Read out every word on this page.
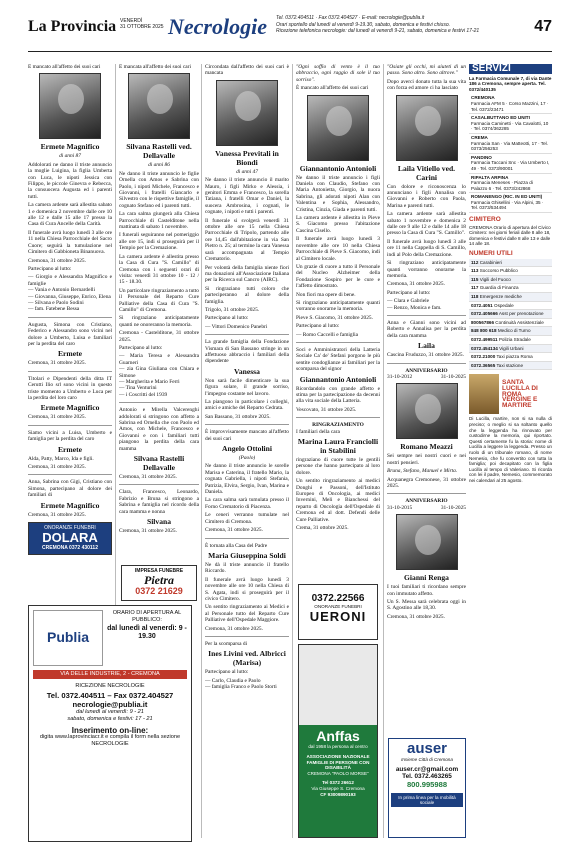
La Provincia VENERDÌ
31 OTTOBRE 2025 Necrologie Tel. 0372.404511 · Fax 0372.404527 · E-mail: necrologie@publia.it
Orari sportello dal lunedì al venerdì 9-19.30, sabato, domenica e festivi chiuso.
Ricezione telefonica necrologie: dal lunedì al venerdì 9-21, sabato, domenica e festivi 17-21	47

È mancato all'affetto dei suoi cari

Ermete Magnifico
di anni 87

Addolorati ne danno il triste annuncio la moglie Luigina, la figlia Umberta con Luca, le nipoti Jessica con Filippo, le piccole Ginevra e Rebecca, la consuocera Augusta ed i parenti tutti.

La camera ardente sarà allestita sabato 1 e domenica 2 novembre dalle ore 10 alle 12 e dalle 15 alle 17 presso la Casa di Cura Ancelle della Carità.

Il funerale avrà luogo lunedì 3 alle ore 11 nella Chiesa Parrocchiale del Sacro Cuore; seguirà la tumulazione nel Cimitero di Gabbioneta Binanuova.

Cremona, 31 ottobre 2025.

Partecipano al lutto:

— Giorgio e Alessandra Magnifico e famiglie

— Vania e Antonio Bernardelli

— Giovanna, Giuseppe, Enrico, Elena

— Silvana e Paolo Sodini

— fam. Fatebene Bessa

Augusta, Simona con Cristiano, Federico e Alessandro sono vicini nel dolore a Umberto, Luisa e familiari per la perdita del caro

Ermete

Cremona, 31 ottobre 2025.

Titolari e Dipendenti della ditta IT Cerutti Ilio srl sono vicini in questo triste momento a Umberto e Luca per la perdita del loro caro

Ermete Magnifico

Cremona, 31 ottobre 2025.

Siamo vicini a Luisa, Umberto e famiglia per la perdita del caro

Ermete

Alda, Patty, Marco, Ida e figli.

Cremona, 31 ottobre 2025.

Anna, Sabrina con Gigi, Cristiano con Simona, partecipano al dolore dei familiari di

Ermete Magnifico

Cremona, 31 ottobre 2025.

ONORANZE FUNEBRI
DOLARA
CREMONA 0372 430112
Publia
ORARIO DI APERTURA AL PUBBLICO:
dal lunedì al venerdì: 9 - 19.30
VIA DELLE INDUSTRIE, 2 - CREMONA
RICEZIONE NECROLOGIE
Tel. 0372.404511 – Fax 0372.404527
necrologie@publia.it
dal lunedì al venerdì: 9 - 21
sabato, domenica e festivi: 17 - 21
Inserimento on-line:
digita www.laprovinciacr.it e compila il form nella sezione NECROLOGIE

È mancata all'affetto dei suoi cari

Silvana Rastelli ved. Dellavalle
di anni 86

Ne danno il triste annuncio le figlie Ornella con Amos e Sabrina con Paolo, i nipoti Michele, Francesco e Giovanni, i fratelli Giancarlo e Silvestro con le rispettive famiglie, il cognato Stefano ed i parenti tutti.

La cara salma giungerà alla Chiesa Parrocchiale di Castelditone nella mattinata di sabato 1 novembre.

I funerali seguiranno nel pomeriggio alle ore 15, indi si proseguirà per il Tempio per la Cremazione.

La camera ardente è allestita presso la Casa di Cura "S. Camillo" di Cremona con i seguenti orari di visita: venerdì 31 ottobre 10 - 12 / 15 - 18.30.

Un particolare ringraziamento a tutto il Personale del Reparto Cure Palliative della Casa di Cura "S. Camillo" di Cremona.

Si ringraziano anticipatamente quanti ne onoreranno la memoria.

Cremona - Castelditone, 31 ottobre 2025.

Partecipano al lutto:

— Maria Teresa e Alessandra Guarneri

— zia Gina Giuliana con Chiara e Simone

— Margherita e Mario Ferri

— Tina Venturini

— i Coscritti del 1939

Antonio e Mirella Valcerenghi addolorati si stringono con affetto a Sabrina ed Ornella che con Paolo ed Amos, con Michele, Francesco e Giovanni e con i familiari tutti piangono la perdita della cara mamma

Silvana Rastelli Dellavalle

Cremona, 31 ottobre 2025.

Clara, Francesco, Leonardo, Fabrizio e Bruna si stringono a Sabrina e famiglia nel ricordo della cara mamma e nonna

Silvana

Cremona, 31 ottobre 2025.

IMPRESA FUNEBRE
Pietra
0372 21629

Circondata dall'affetto dei suoi cari è mancata

Vanessa Previtali in Biondi
di anni 47

Ne danno il triste annuncio il marito Mauro, i figli Mirko e Alessia, i genitori Emma e Francesco, la sorella Tatiana, i fratelli Omar e Daniel, la suocera Ambrosina, i cognati, le cognate, i nipoti e tutti i parenti.

Il funerale si svolgerà venerdì 31 ottobre alle ore 15 nella Chiesa Parrocchiale di Tripolo, partendo alle ore 14,45 dall'abitazione in via San Pietro n. 25; al termine la cara Vanessa sarà accompagnata al Tempio Crematorio.

Per volontà della famiglia niente fiori ma donazioni all'Associazione Italiana per la Ricerca sul Cancro (AIRC).

Si ringraziano tutti coloro che parteciperanno al dolore della famiglia.

Trigolo, 31 ottobre 2025.

Partecipano al lutto:

— Vittori Domenico Panebri

La grande famiglia della Fondazione Vismara di San Bassano stringe in un affettuoso abbraccio i familiari della dipendente

Vanessa

Non sarà facile dimenticare la sua figura solare, il grande sorriso, l'impegno costante nel lavoro.

La piangono in particolare i colleghi, amici e amiche del Reparto Cedrata.

San Bassano, 31 ottobre 2025.

È improvvisamente mancato all'affetto dei suoi cari

Angelo Ottolini
(Paolo)

Ne danno il triste annuncio le sorelle Marisa e Caterina, il fratello Mario, la cognata Gabriella, i nipoti Stefania, Patrizia, Elvira, Sergio, Ivan, Marina e Daniela.

La cara salma sarà tumulata presso il Forno Crematorio di Piacenza.

Le ceneri verranno tumulate nel Cimitero di Cremona.

Cremona, 31 ottobre 2025.

È tornata alla Casa del Padre

Maria Giuseppina Soldi

Ne dà il triste annuncio il fratello Riccardo.

Il funerale avrà luogo lunedì 3 novembre alle ore 10 nella Chiesa di S. Agata, indi si proseguirà per il civico Cimitero.

Un sentito ringraziamento ai Medici e al Personale tutto del Reparto Cure Palliative dell'Ospedale Maggiore.

Cremona, 31 ottobre 2025.

Per la scomparsa di

Ines Livini ved. Albricci (Marisa)

Partecipano al lutto:

— Carlo, Claudia e Paolo

— famiglia Franco e Paolo Storti

"Ogni soffio di vento è il tuo abbraccio, ogni raggio di sole il tuo sorriso".

È mancato all'affetto dei suoi cari

Giannantonio Antonioli

Ne danno il triste annuncio i figli Daniela con Claudio, Stefano con Maria Antonietta, Giorgio, la nuora Sabrina, gli adorati nipoti Alan con Valentina e Sophia, Alessandro, Cristina, Cinzia, Giada e parenti tutti.

La camera ardente è allestita in Pieve S. Giacomo presso l'abitazione Cascina Cisello.

Il funerale avrà luogo lunedì 3 novembre alle ore 10 nella Chiesa Parrocchiale di Pieve S. Giacomo, indi al Cimitero locale.

Un grazie di cuore a tutto il Personale del Nucleo Alzheimer della Fondazione Sospiro per le cure e l'affetto dimostrato.

Non fiori ma opere di bene.

Si ringraziano anticipatamente quanti vorranno onorarne la memoria.

Pieve S. Giacomo, 31 ottobre 2025.

Partecipano al lutto:

— Romo Caccelli e famiglia

Soci e Amministratori della Latteria Sociale Ca' de' Stefani porgono le più sentite condoglianze ai familiari per la scomparsa del signor

Giannantonio Antonioli

Ricordandolo con grande affetto e stima per la partecipazione da decenni alla vita sociale della Latteria.

Vescovato, 31 ottobre 2025.

RINGRAZIAMENTO

I familiari della cara

Marina Laura Franciolli in Stabilini

ringraziano di cuore tutte le gentili persone che hanno partecipato al loro dolore.

Un sentito ringraziamento ai medici Donghi e Passoni, dell'Istituto Europeo di Oncologia, ai medici Invernini, Meli e Bianchessi del reparto di Oncologia dell'Ospedale di Cremona ed al dott. Defendi delle Cure Palliative.

Crema, 31 ottobre 2025.

0372.22566
ONORANZE FUNEBRI
UERONI
Anffas
dal 1958 la persona al centro
ASSOCIAZIONE NAZIONALE FAMIGLIE DI PERSONE CON DISABILITÀ
CREMONA "PAOLO MORSE"
Tel 0372 26612
Via Giuseppe S. Cremona
CF 93009890193

"Osiate gli occhi, mi aiuteti di un passo. Sono altro. Sono altrove."

Dopo averci donato tutta la sua vita con forza ed amore ci ha lasciato

Laila Vitiello ved. Carini

Con dolore e riconoscenza lo annunciano i figli Annalisa con Giovanni e Roberto con Paola, Marina e parenti tutti.

La camera ardente sarà allestita sabato 1 novembre e domenica 2 dalle ore 9 alle 12 e dalle 14 alle 18 presso la Casa di Cura "S. Camillo".

Il funerale avrà luogo lunedì 3 alle ore 11 nella Cappella di S. Camillo, indi al Polo della Cremazione.

Si ringraziano anticipatamente quanti vorranno onorarne la memoria.

Cremona, 31 ottobre 2025.

Partecipano al lutto:

— Clara e Gabriele

— Renzo, Monica e fam.

Anna e Gianni sono vicini ad Roberto e Annalisa per la perdita della cara mamma

Laila

Cascina Fruduzzo, 31 ottobre 2025.

ANNIVERSARIO
31-10-2012	31-10-2025
Romano Meazzi

Sei sempre nei nostri cuori e nei nostri pensieri.

Bruna, Stefano, Manuel e Mirta.

Acquanegra Cremonese, 31 ottobre 2025.

ANNIVERSARIO
31-10-2015	31-10-2025
Gianni Renga

I tuoi familiari ti ricordano sempre con immutato affetto.

Un S. Messa sarà celebrata oggi in S. Agostino alle 18,30.

Cremona, 31 ottobre 2025.

auser
Insieme Città di Cremona
auser.cr@gmail.com
Tel. 0372.463265
800.995988
In prima linea per la mobilità sociale
SERVIZI
La Farmacia Comunale 7, di via Dante 186 a Cremona, sempre aperta. Tel. 0372/440135
CREMONA
Farmacia AFM 5 · Corso Mazzini, 17 · Tel. 0372/23471
CASALBUTTANO ED UNITI
Farmacia Caminetti · Via Cavalotti, 10 · Tel. 0374/362285
CREMA
Farmacia San · Via Matteotti, 17 · Tel. 0373/256253
PANDINO
Farmacia Taccani Snc · Via Umberto I, 49 · Tel. 0373/90001
RIPALTA ARPINA
Farmacia Meneses · Piazza di Palazzo 6 · Tel. 0373/242868
ROMANENGO (RIC. IN ED UNITI)
Farmacia Ghisellini · Via Alpini, 35 · Tel. 0373/534494
CIMITERO
CREMONA Orario di apertura del Civico Cimitero: nei giorni feriali dalle 8 alle 18, domenica e festivi dalle 8 alle 13 e dalle 14 alle 18.
NUMERI UTILI
112 Carabinieri
113 Soccorso Pubblico
115 Vigili del Fuoco
117 Guardia di Finanza
118 Emergenze mediche
0372.4051 Ospedale
0372.405666 Asst per prenotazione
800567866 Continuità Assistenziale
848 800 618 Medico di Turno
0372.499511 Polizia Stradale
0372.454134 Vigili Urbani
0372.21000 Taxi piazza Roma
0372.36565 Taxi stazione
SANTA LUCILLA DI ROMA VERGINE E MARTIRE
Di Lucilla, martire, non si sa nulla di preciso; o meglio si sa soltanto quello che la leggenda ha rinnovato per custodirne la memoria, qui riportato. Questi certamente fu la storia: nome di Lucilla a leggere la leggenda. Presso un ruolo di un tribunale romano, di nome Nemesio, che fu convertito con tutta la famiglia; poi decapitato con la figlia Lucilla al tempo di Valeriano. Si ricorda con lei il padre, Nemesio, commemorato nei calendari al 25 agosto.
